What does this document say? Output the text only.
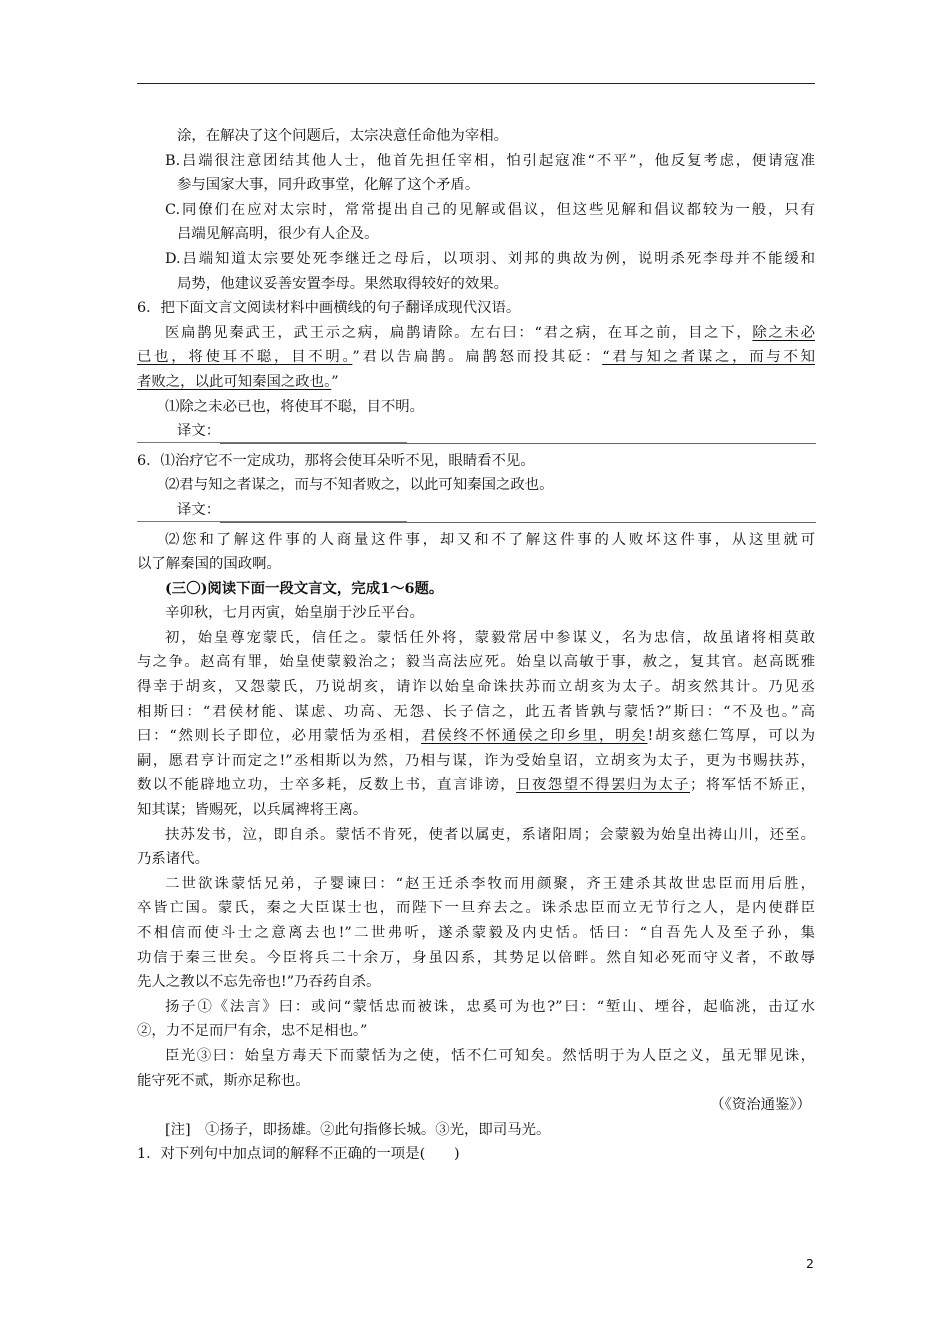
涂，在解决了这个问题后，太宗决意任命他为宰相。
B.吕端很注意团结其他人士，他首先担任宰相，怕引起寇准“不平”，他反复考虑，便请寇准
参与国家大事，同升政事堂，化解了这个矛盾。
C.同僚们在应对太宗时，常常提出自己的见解或倡议，但这些见解和倡议都较为一般，只有
吕端见解高明，很少有人企及。
D.吕端知道太宗要处死李继迁之母后，以项羽、刘邦的典故为例，说明杀死李母并不能缓和
局势，他建议妥善安置李母。果然取得较好的效果。
6．把下面文言文阅读材料中画横线的句子翻译成现代汉语。
医扁鹊见秦武王，武王示之病，扁鹊请除。左右曰：“君之病，在耳之前，目之下，除之未必
已也，将使耳不聪，目不明。”君以告扁鹊。扁鹊怒而投其砭：“君与知之者谋之，而与不知
者败之，以此可知秦国之政也。”
⑴除之未必已也，将使耳不聪，目不明。
译文：
6．⑴治疗它不一定成功，那将会使耳朵听不见，眼睛看不见。
⑵君与知之者谋之，而与不知者败之，以此可知秦国之政也。
译文：
⑵您和了解这件事的人商量这件事，却又和不了解这件事的人败坏这件事，从这里就可
以了解秦国的国政啊。
(三〇)阅读下面一段文言文，完成1～6题。
辛卯秋，七月丙寅，始皇崩于沙丘平台。
初，始皇尊宠蒙氏，信任之。蒙恬任外将，蒙毅常居中参谋义，名为忠信，故虽诸将相莫敢
与之争。赵高有罪，始皇使蒙毅治之；毅当高法应死。始皇以高敏于事，赦之，复其官。赵高既雅
得幸于胡亥，又怨蒙氏，乃说胡亥，请诈以始皇命诛扶苏而立胡亥为太子。胡亥然其计。乃见丞
相斯曰：“君侯材能、谋虑、功高、无怨、长子信之，此五者皆孰与蒙恬?”斯曰：“不及也。”高
曰：“然则长子即位，必用蒙恬为丞相，君侯终不怀通侯之印乡里，明矣!胡亥慈仁笃厚，可以为
嗣，愿君亨计而定之!”丞相斯以为然，乃相与谋，诈为受始皇诏，立胡亥为太子，更为书赐扶苏，
数以不能辟地立功，士卒多耗，反数上书，直言诽谤，日夜怨望不得罢归为太子；将军恬不矫正，
知其谋；皆赐死，以兵属裨将王离。
扶苏发书，泣，即自杀。蒙恬不肯死，使者以属吏，系诸阳周；会蒙毅为始皇出祷山川，还至。
乃系诸代。
二世欲诛蒙恬兄弟，子婴谏曰：“赵王迁杀李牧而用颜聚，齐王建杀其故世忠臣而用后胜，
卒皆亡国。蒙氏，秦之大臣谋士也，而陛下一旦弃去之。诛杀忠臣而立无节行之人，是内使群臣
不相信而使斗士之意离去也!”二世弗听，遂杀蒙毅及内史恬。恬曰：“自吾先人及至子孙，集
功信于秦三世矣。今臣将兵二十余万，身虽囚系，其势足以倍畔。然自知必死而守义者，不敢辱
先人之教以不忘先帝也!”乃吞药自杀。
扬子①《法言》曰：或问“蒙恬忠而被诛，忠奚可为也?”曰：“堑山、堙谷，起临洮，击辽水
②，力不足而尸有余，忠不足相也。”
臣光③曰：始皇方毒天下而蒙恬为之使，恬不仁可知矣。然恬明于为人臣之义，虽无罪见诛，
能守死不贰，斯亦足称也。
（《资治通鉴》）
[注]　①扬子，即扬雄。②此句指修长城。③光，即司马光。
1．对下列句中加点词的解释不正确的一项是(　　)
2
